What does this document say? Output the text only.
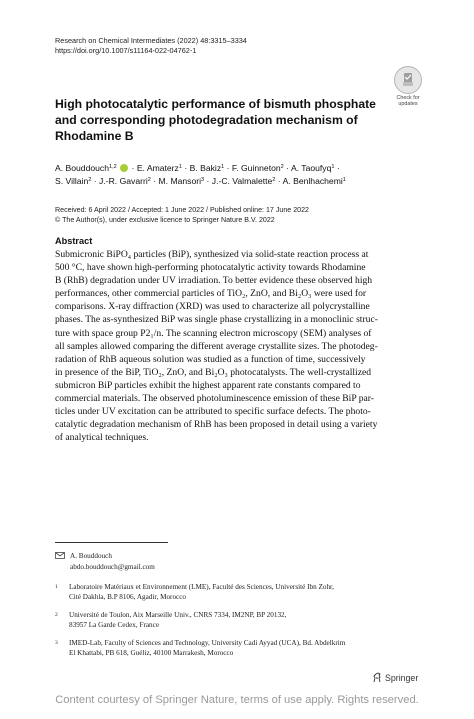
Research on Chemical Intermediates (2022) 48:3315–3334
https://doi.org/10.1007/s11164-022-04762-1
Check for
updates
High photocatalytic performance of bismuth phosphate and corresponding photodegradation mechanism of Rhodamine B
A. Bouddouch$^{1,2}$  · E. Amaterz$^1$ · B. Bakiz$^1$ · F. Guinneton$^2$ · A. Taoufyq$^1$ ·
S. Villain$^2$ · J.-R. Gavarri$^2$ · M. Mansori$^3$ · J.-C. Valmalette$^2$ · A. Benlhachemi$^1$
Received: 6 April 2022 / Accepted: 1 June 2022 / Published online: 17 June 2022
© The Author(s), under exclusive licence to Springer Nature B.V. 2022
Abstract
Submicronic BiPO₄ particles (BiP), synthesized via solid-state reaction process at
500 °C, have shown high-performing photocatalytic activity towards Rhodamine
B (RhB) degradation under UV irradiation. To better evidence these observed high
performances, other commercial particles of TiO₂, ZnO, and Bi₂O₃ were used for
comparisons. X-ray diffraction (XRD) was used to characterize all polycrystalline
phases. The as-synthesized BiP was single phase crystallizing in a monoclinic struc-
ture with space group P2₁/n. The scanning electron microscopy (SEM) analyses of
all samples allowed comparing the different average crystallite sizes. The photodeg-
radation of RhB aqueous solution was studied as a function of time, successively
in presence of the BiP, TiO₂, ZnO, and Bi₂O₃ photocatalysts. The well-crystallized
submicron BiP particles exhibit the highest apparent rate constants compared to
commercial materials. The observed photoluminescence emission of these BiP par-
ticles under UV excitation can be attributed to specific surface defects. The photo-
catalytic degradation mechanism of RhB has been proposed in detail using a variety
of analytical techniques.
A. Bouddouch
abdo.bouddouch@gmail.com
1 Laboratoire Matériaux et Environnement (LME), Faculté des Sciences, Université Ibn Zohr,
Cité Dakhla, B.P 8106, Agadir, Morocco
2 Université de Toulon, Aix Marseille Univ., CNRS 7334, IM2NP, BP 20132,
83957 La Garde Cedex, France
3 IMED-Lab, Faculty of Sciences and Technology, University Cadi Ayyad (UCA), Bd. Abdelkrim
El Khattabi, PB 618, Guéliz, 40100 Marrakesh, Morocco
Springer
Content courtesy of Springer Nature, terms of use apply. Rights reserved.
